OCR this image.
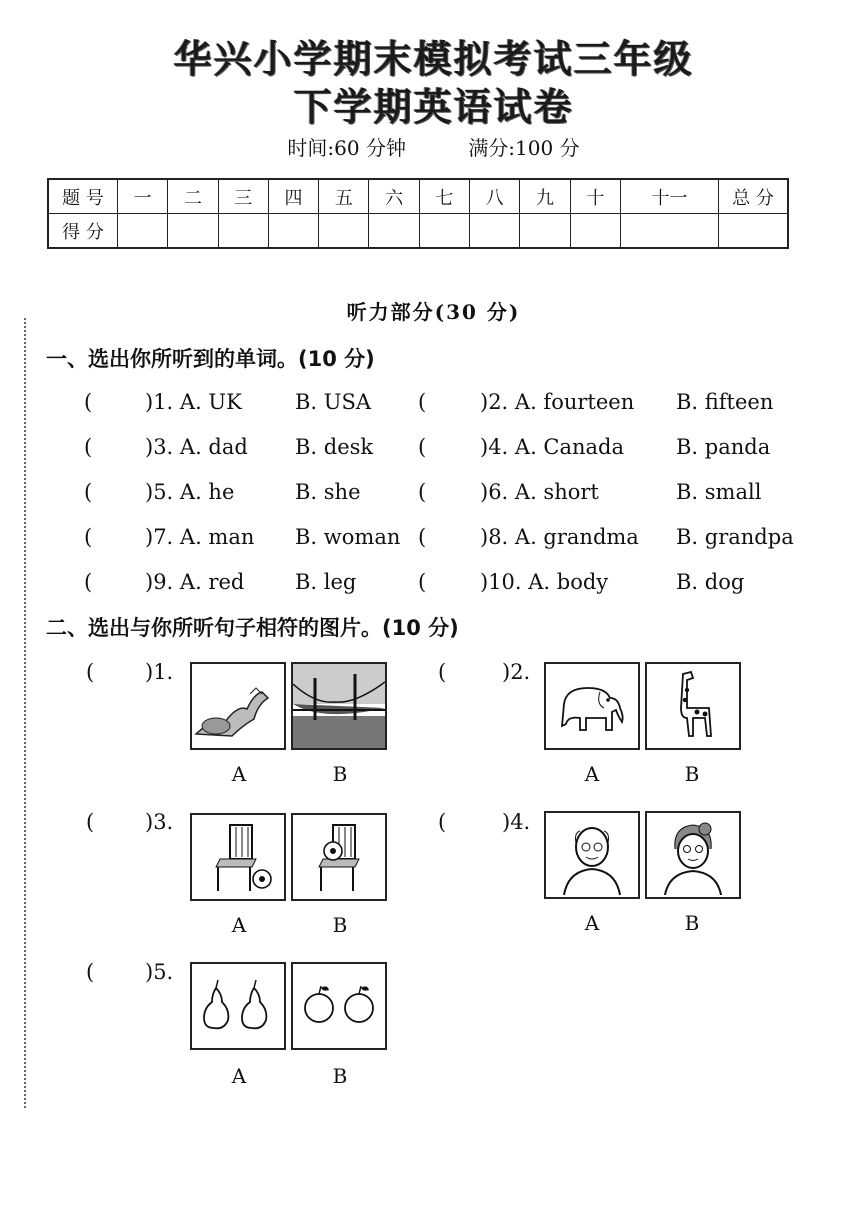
华兴小学期末模拟考试三年级
下学期英语试卷
时间:60 分钟	满分:100 分
题 号	一	二	三	四	五	六	七	八	九	十	十一	总 分
得 分												
听力部分(30 分)
一、选出你所听到的单词。(10 分)
(	)1. A. UK	B. USA (	)2. A. fourteen B. fifteen
(	)3. A. dad B. desk (	)4. A. Canada B. panda
(	)5. A. he	B. she	(	)6. A. short	B. small
(	)7. A. man B. woman (	)8. A. grandma B. grandpa
(	)9. A. red B. leg	(	)10. A. body	B. dog
二、选出与你所听句子相符的图片。(10 分)
( )1.
A	B
(	)2.
A	B
( )3.
A	B
(	)4.
A	B
( )5.
A	B
